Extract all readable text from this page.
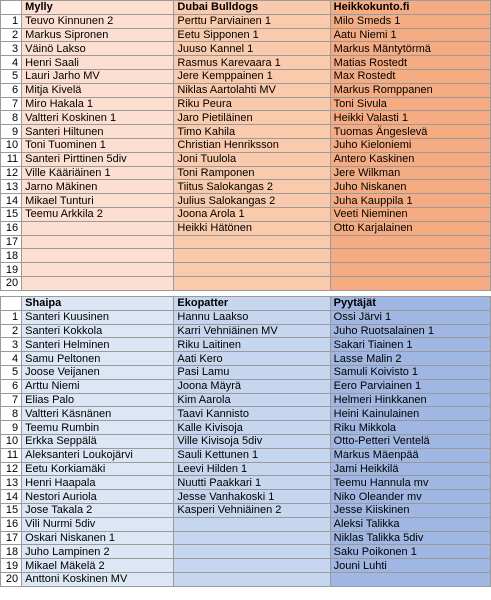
	Mylly	Dubai Bulldogs	Heikkokunto.fi
1	Teuvo Kinnunen 2	Perttu Parviainen 1	Milo Smeds 1
2	Markus Sipronen	Eetu Sipponen 1	Aatu Niemi 1
3	Väinö Lakso	Juuso Kannel 1	Markus Mäntytörmä
4	Henri Saali	Rasmus Karevaara 1	Matias Rostedt
5	Lauri Jarho MV	Jere Kemppainen 1	Max Rostedt
6	Mitja Kivelä	Niklas Aartolahti MV	Markus Romppanen
7	Miro Hakala 1	Riku Peura	Toni Sivula
8	Valtteri Koskinen 1	Jaro Pietiläinen	Heikki Valasti 1
9	Santeri Hiltunen	Timo Kahila	Tuomas Ängeslevä
10	Toni Tuominen 1	Christian Henriksson	Juho Kieloniemi
11	Santeri Pirttinen 5div	Joni Tuulola	Antero Kaskinen
12	Ville Kääriäinen 1	Toni Ramponen	Jere Wilkman
13	Jarno Mäkinen	Tiitus Salokangas 2	Juho Niskanen
14	Mikael Tunturi	Julius Salokangas 2	Juha Kauppila 1
15	Teemu Arkkila 2	Joona Arola 1	Veeti Nieminen
16		Heikki Hätönen	Otto Karjalainen
17			
18			
19			
20			
	Shaipa	Ekopatter	Pyytäjät
1	Santeri Kuusinen	Hannu Laakso	Ossi Järvi 1
2	Santeri Kokkola	Karri Vehniäinen MV	Juho Ruotsalainen 1
3	Santeri Helminen	Riku Laitinen	Sakari Tiainen 1
4	Samu Peltonen	Aati Kero	Lasse Malin 2
5	Joose Veijanen	Pasi Lamu	Samuli Koivisto 1
6	Arttu Niemi	Joona Mäyrä	Eero Parviainen 1
7	Elias Palo	Kim Aarola	Helmeri Hinkkanen
8	Valtteri Käsnänen	Taavi Kannisto	Heini Kainulainen
9	Teemu Rumbin	Kalle Kivisoja	Riku Mikkola
10	Erkka Seppälä	Ville Kivisoja 5div	Otto-Petteri Ventelä
11	Aleksanteri Loukojärvi	Sauli Kettunen 1	Markus Mäenpää
12	Eetu Korkiamäki	Leevi Hilden 1	Jami Heikkilä
13	Henri Haapala	Nuutti Paakkari 1	Teemu Hannula mv
14	Nestori Auriola	Jesse Vanhakoski 1	Niko Oleander mv
15	Jose Takala 2	Kasperi Vehniäinen 2	Jesse Kiiskinen
16	Vili Nurmi 5div		Aleksi Talikka
17	Oskari Niskanen 1		Niklas Talikka 5div
18	Juho Lampinen 2		Saku Poikonen 1
19	Mikael Mäkelä 2		Jouni Luhti
20	Anttoni Koskinen MV		
